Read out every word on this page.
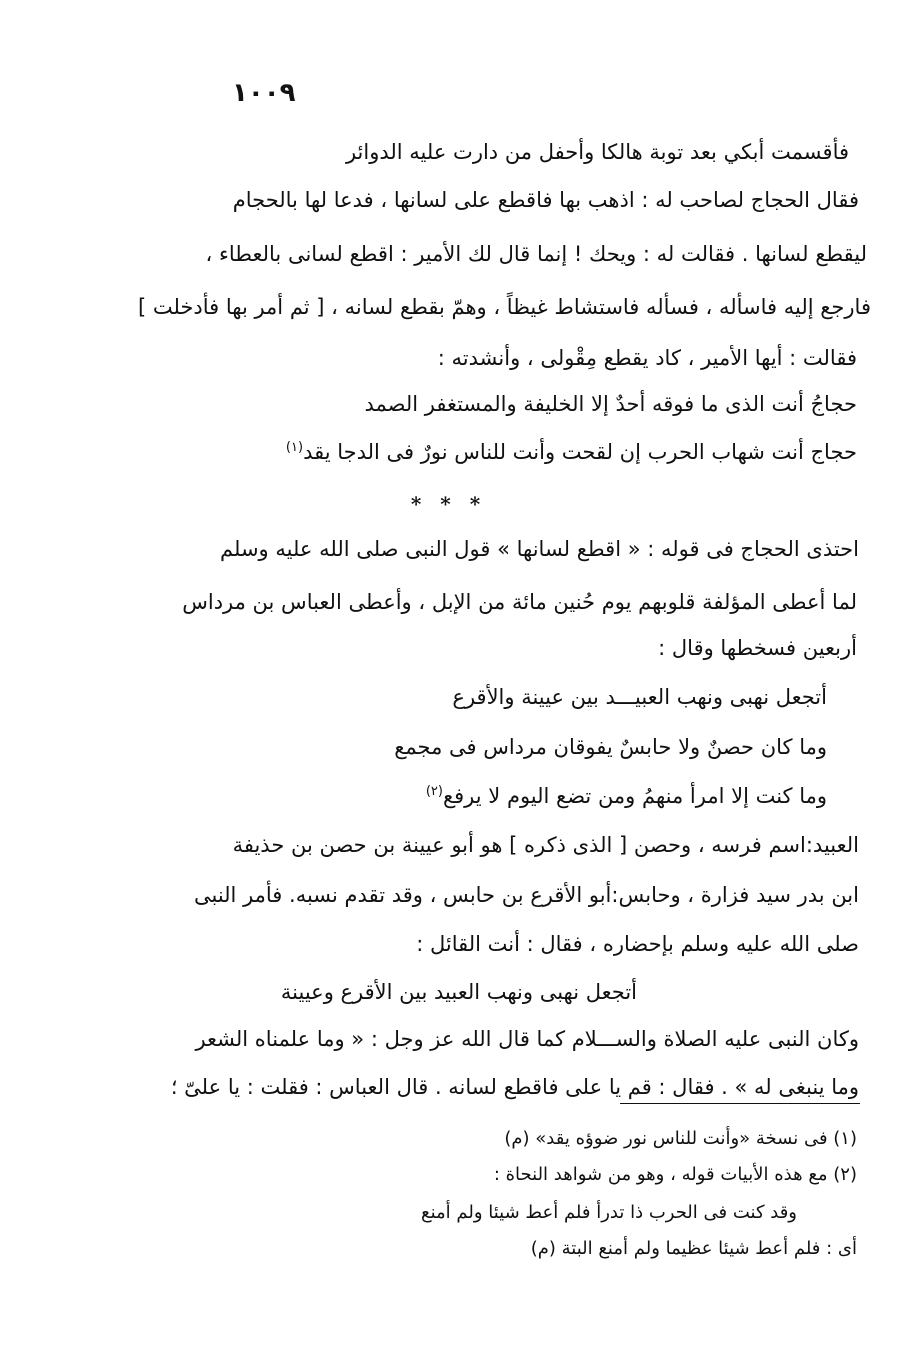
١٠٠٩
فأقسمت أبكي بعد توبة هالكا وأحفل من دارت عليه الدوائر
فقال الحجاج لصاحب له : اذهب بها فاقطع على لسانها ، فدعا لها بالحجام
ليقطع لسانها . فقالت له : ويحك ! إنما قال لك الأمير : اقطع لسانى بالعطاء ،
فارجع إليه فاسأله ، فسأله فاستشاط غيظاً ، وهمّ بقطع لسانه ، [ ثم أمر بها فأدخلت ]
فقالت : أيها الأمير ، كاد يقطع مِقْولى ، وأنشدته :
حجاجُ أنت الذى ما فوقه أحدٌ إلا الخليفة والمستغفر الصمد
حجاج أنت شهاب الحرب إن لقحت وأنت للناس نورٌ فى الدجا يقد$^{(١)}$
* * *
احتذى الحجاج فى قوله : « اقطع لسانها » قول النبى صلى الله عليه وسلم
لما أعطى المؤلفة قلوبهم يوم حُنين مائة من الإبل ، وأعطى العباس بن مرداس
أربعين فسخطها وقال :
أتجعل نهبى ونهب العبيـــد بين عيينة والأقرع
وما كان حصنٌ ولا حابسٌ يفوقان مرداس فى مجمع
وما كنت إلا امرأ منهمُ ومن تضع اليوم لا يرفع$^{(٢)}$
العبيد:اسم فرسه ، وحصن [ الذى ذكره ] هو أبو عيينة بن حصن بن حذيفة
ابن بدر سيد فزارة ، وحابس:أبو الأقرع بن حابس ، وقد تقدم نسبه. فأمر النبى
صلى الله عليه وسلم بإحضاره ، فقال : أنت القائل :
أتجعل نهبى ونهب العبيد بين الأقرع وعيينة
وكان النبى عليه الصلاة والســـلام كما قال الله عز وجل : « وما علمناه الشعر
وما ينبغى له » . فقال : قم يا على فاقطع لسانه . قال العباس : فقلت : يا علىّ ؛
(١) فى نسخة «وأنت للناس نور ضوؤه يقد» (م)
(٢) مع هذه الأبيات قوله ، وهو من شواهد النحاة :
وقد كنت فى الحرب ذا تدرأ فلم أعط شيئا ولم أمنع
أى : فلم أعط شيئا عظيما ولم أمنع البتة (م)
